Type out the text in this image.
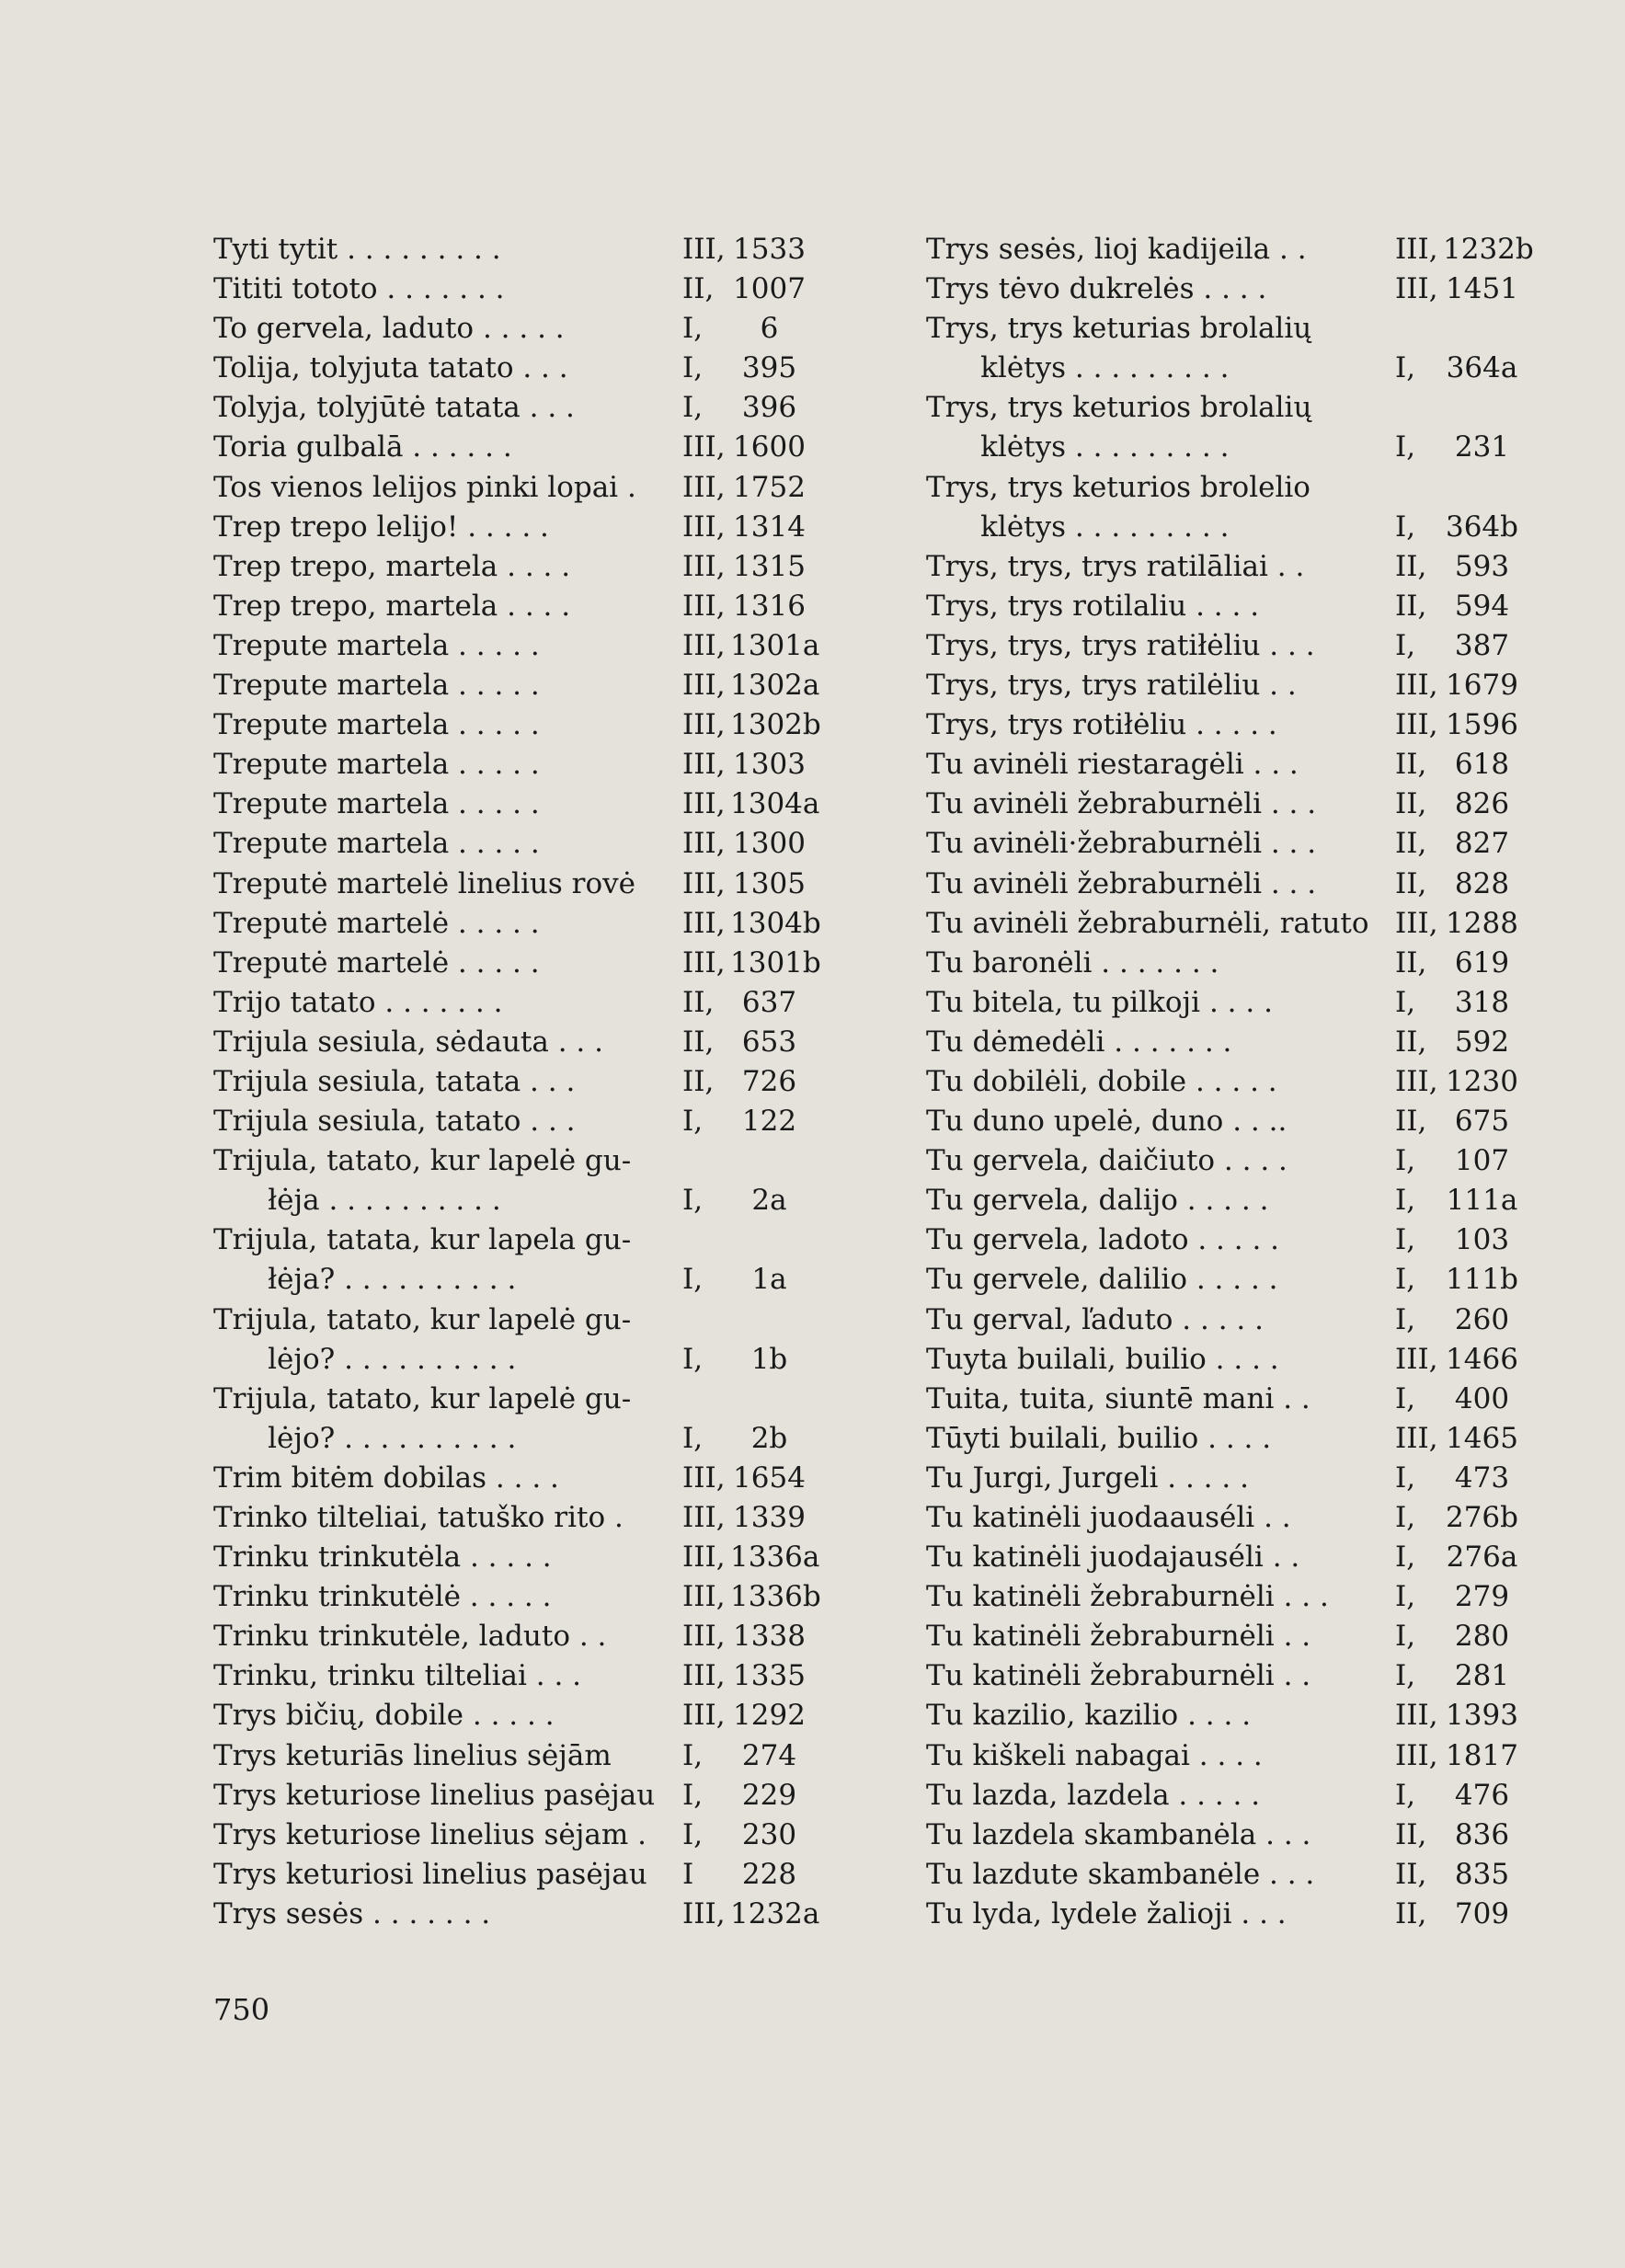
Tyti tytit . . . . . . . . .	III, 1533
Tititi tototo . . . . . . .	II, 1007
To gervela, laduto . . . . .	I,	6
Tolija, tolyjuta tatato . . .	I,	395
Tolyja, tolyjūtė tatata . . .	I,	396
Toria gulbalā . . . . . .	III, 1600
Tos vienos lelijos pinki lopai .	III, 1752
Trep trepo lelijo! . . . . .	III, 1314
Trep trepo, martela . . . .	III, 1315
Trep trepo, martela . . . .	III, 1316
Trepute martela . . . . .	III, 1301a
Trepute martela . . . . .	III, 1302a
Trepute martela . . . . .	III, 1302b
Trepute martela . . . . .	III, 1303
Trepute martela . . . . .	III, 1304a
Trepute martela . . . . .	III, 1300
Treputė martelė linelius rovė	III, 1305
Treputė martelė . . . . .	III, 1304b
Treputė martelė . . . . .	III, 1301b
Trijo tatato . . . . . . .	II, 637
Trijula sesiula, sėdauta . . .	II, 653
Trijula sesiula, tatata . . .	II, 726
Trijula sesiula, tatato . . .	I,	122
Trijula, tatato, kur lapelė gu-
łėja . . . . . . . . . .	I,	2a
Trijula, tatata, kur lapela gu-
łėja? . . . . . . . . . .	I,	1a
Trijula, tatato, kur lapelė gu-
lėjo? . . . . . . . . . .	I,	1b
Trijula, tatato, kur lapelė gu-
lėjo? . . . . . . . . . .	I,	2b
Trim bitėm dobilas . . . .	III, 1654
Trinko tilteliai, tatuško rito .	III, 1339
Trinku trinkutėla . . . . .	III, 1336a
Trinku trinkutėlė . . . . .	III, 1336b
Trinku trinkutėle, laduto . .	III, 1338
Trinku, trinku tilteliai . . .	III, 1335
Trys bičių, dobile . . . . .	III, 1292
Trys keturiās linelius sėjām	I,	274
Trys keturiose linelius pasėjau I,	229
Trys keturiose linelius sėjam .	I,	230
Trys keturiosi linelius pasėjau	I	228
Trys sesės . . . . . . .	III, 1232a
Trys sesės, lioj kadijeila . .	III, 1232b
Trys tėvo dukrelės . . . .	III, 1451
Trys, trys keturias brolalių
klėtys . . . . . . . . .	I,	364a
Trys, trys keturios brolalių
klėtys . . . . . . . . .	I,	231
Trys, trys keturios brolelio
klėtys . . . . . . . . .	I,	364b
Trys, trys, trys ratilāliai . .	II, 593
Trys, trys rotilaliu . . . .	II, 594
Trys, trys, trys ratiłėliu . . .	I,	387
Trys, trys, trys ratilėliu . .	III, 1679
Trys, trys rotiłėliu . . . . .	III, 1596
Tu avinėli riestaragėli . . .	II, 618
Tu avinėli žebraburnėli . . .	II, 826
Tu avinėli·žebraburnėli . . .	II, 827
Tu avinėli žebraburnėli . . .	II, 828
Tu avinėli žebraburnėli, ratuto III, 1288
Tu baronėli . . . . . . .	II, 619
Tu bitela, tu pilkoji . . . .	I,	318
Tu dėmedėli . . . . . . .	II, 592
Tu dobilėli, dobile . . . . .	III, 1230
Tu duno upelė, duno . . ..	II, 675
Tu gervela, daičiuto . . . .	I,	107
Tu gervela, dalijo . . . . .	I,	111a
Tu gervela, ladoto . . . . .	I,	103
Tu gervele, dalilio . . . . .	I,	111b
Tu gerval, ľaduto . . . . .	I,	260
Tuyta builali, builio . . . .	III, 1466
Tuita, tuita, siuntē mani . .	I,	400
Tūyti builali, builio . . . .	III, 1465
Tu Jurgi, Jurgeli . . . . .	I,	473
Tu katinėli juodaauséli . .	I,	276b
Tu katinėli juodajauséli . .	I,	276a
Tu katinėli žebraburnėli . . .	I,	279
Tu katinėli žebraburnėli . .	I,	280
Tu katinėli žebraburnėli . .	I,	281
Tu kazilio, kazilio . . . .	III, 1393
Tu kiškeli nabagai . . . .	III, 1817
Tu lazda, lazdela . . . . .	I,	476
Tu lazdela skambanėla . . .	II, 836
Tu lazdute skambanėle . . .	II, 835
Tu lyda, lydele žalioji . . .	II, 709
750
